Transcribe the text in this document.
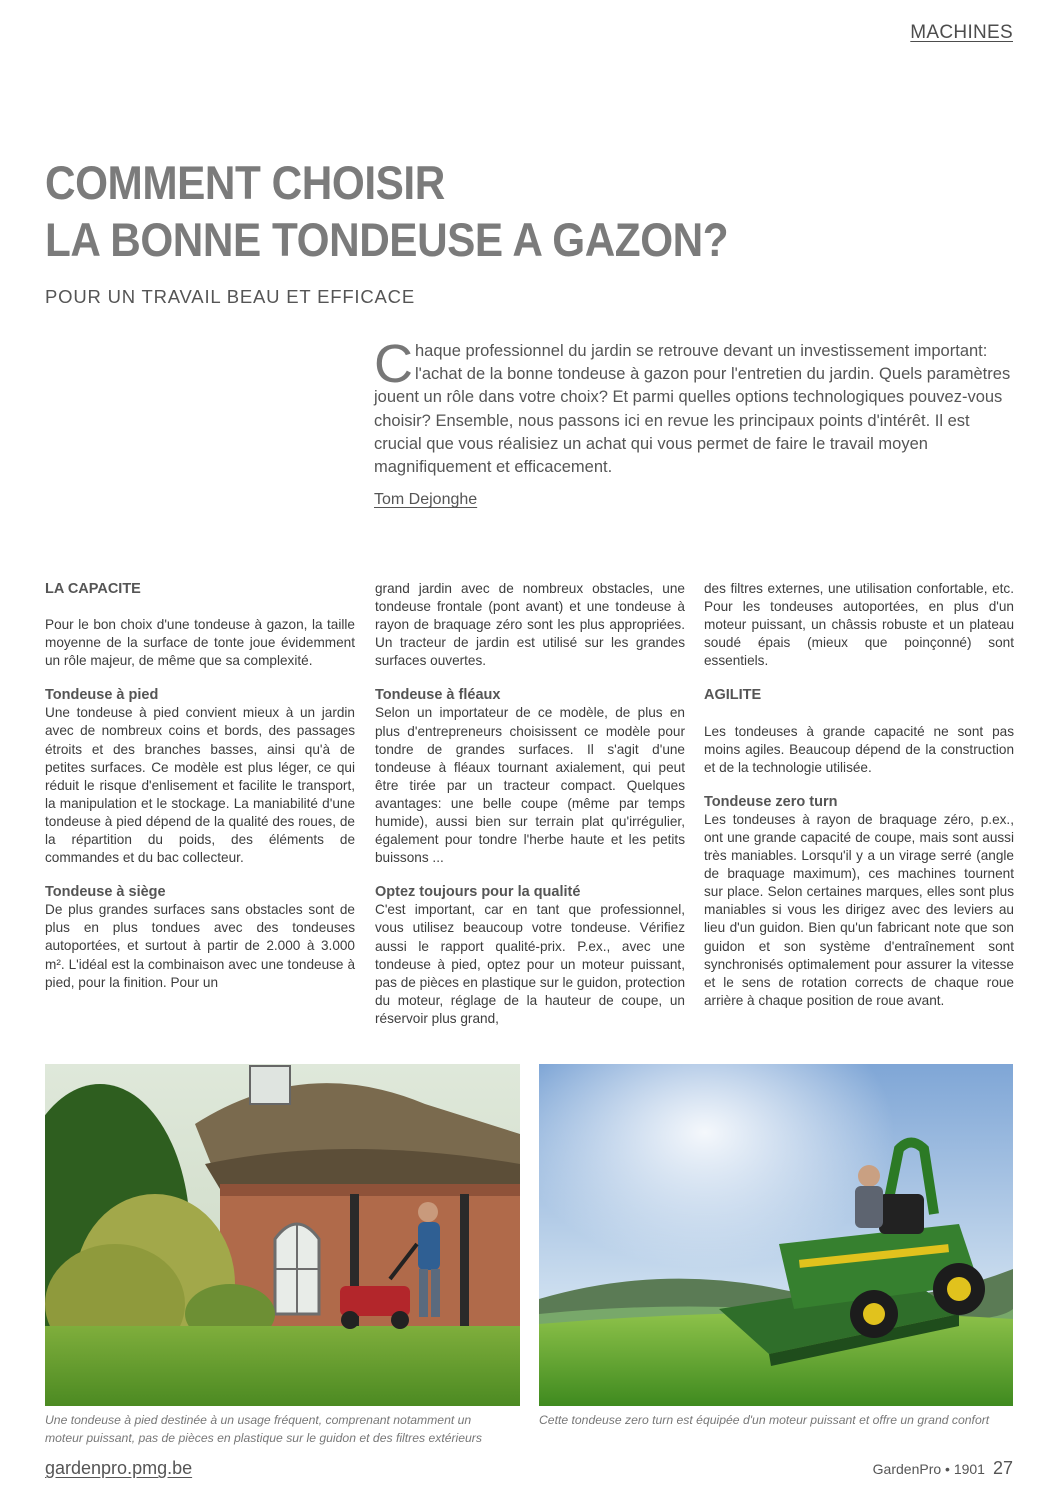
MACHINES
COMMENT CHOISIR
LA BONNE TONDEUSE A GAZON?
POUR UN TRAVAIL BEAU ET EFFICACE
Chaque professionnel du jardin se retrouve devant un investissement important: l'achat de la bonne tondeuse à gazon pour l'entretien du jardin. Quels paramètres jouent un rôle dans votre choix? Et parmi quelles options technologiques pouvez-vous choisir? Ensemble, nous passons ici en revue les principaux points d'intérêt. Il est crucial que vous réalisiez un achat qui vous permet de faire le travail moyen magnifiquement et efficacement.
Tom Dejonghe
LA CAPACITE

Pour le bon choix d'une tondeuse à gazon, la taille moyenne de la surface de tonte joue évidemment un rôle majeur, de même que sa complexité.

Tondeuse à pied

Une tondeuse à pied convient mieux à un jardin avec de nombreux coins et bords, des passages étroits et des branches basses, ainsi qu'à de petites surfaces. Ce modèle est plus léger, ce qui réduit le risque d'enlisement et facilite le transport, la manipulation et le stockage. La maniabilité d'une tondeuse à pied dépend de la qualité des roues, de la répartition du poids, des éléments de commandes et du bac collecteur.

Tondeuse à siège

De plus grandes surfaces sans obstacles sont de plus en plus tondues avec des tondeuses autoportées, et surtout à partir de 2.000 à 3.000 m². L'idéal est la combinaison avec une tondeuse à pied, pour la finition. Pour un

grand jardin avec de nombreux obstacles, une tondeuse frontale (pont avant) et une tondeuse à rayon de braquage zéro sont les plus appropriées. Un tracteur de jardin est utilisé sur les grandes surfaces ouvertes.

Tondeuse à fléaux

Selon un importateur de ce modèle, de plus en plus d'entrepreneurs choisissent ce modèle pour tondre de grandes surfaces. Il s'agit d'une tondeuse à fléaux tournant axialement, qui peut être tirée par un tracteur compact. Quelques avantages: une belle coupe (même par temps humide), aussi bien sur terrain plat qu'irrégulier, également pour tondre l'herbe haute et les petits buissons ...

Optez toujours pour la qualité

C'est important, car en tant que professionnel, vous utilisez beaucoup votre tondeuse. Vérifiez aussi le rapport qualité-prix. P.ex., avec une tondeuse à pied, optez pour un moteur puissant, pas de pièces en plastique sur le guidon, protection du moteur, réglage de la hauteur de coupe, un réservoir plus grand,

des filtres externes, une utilisation confortable, etc. Pour les tondeuses autoportées, en plus d'un moteur puissant, un châssis robuste et un plateau soudé épais (mieux que poinçonné) sont essentiels.

AGILITE

Les tondeuses à grande capacité ne sont pas moins agiles. Beaucoup dépend de la construction et de la technologie utilisée.

Tondeuse zero turn

Les tondeuses à rayon de braquage zéro, p.ex., ont une grande capacité de coupe, mais sont aussi très maniables. Lorsqu'il y a un virage serré (angle de braquage maximum), ces machines tournent sur place. Selon certaines marques, elles sont plus maniables si vous les dirigez avec des leviers au lieu d'un guidon. Bien qu'un fabricant note que son guidon et son système d'entraînement sont synchronisés optimalement pour assurer la vitesse et le sens de rotation corrects de chaque roue arrière à chaque position de roue avant.

Une tondeuse à pied destinée à un usage fréquent, comprenant notamment un moteur puissant, pas de pièces en plastique sur le guidon et des filtres extérieurs
Cette tondeuse zero turn est équipée d'un moteur puissant et offre un grand confort
gardenpro.pmg.be	GardenPro • 1901 27
